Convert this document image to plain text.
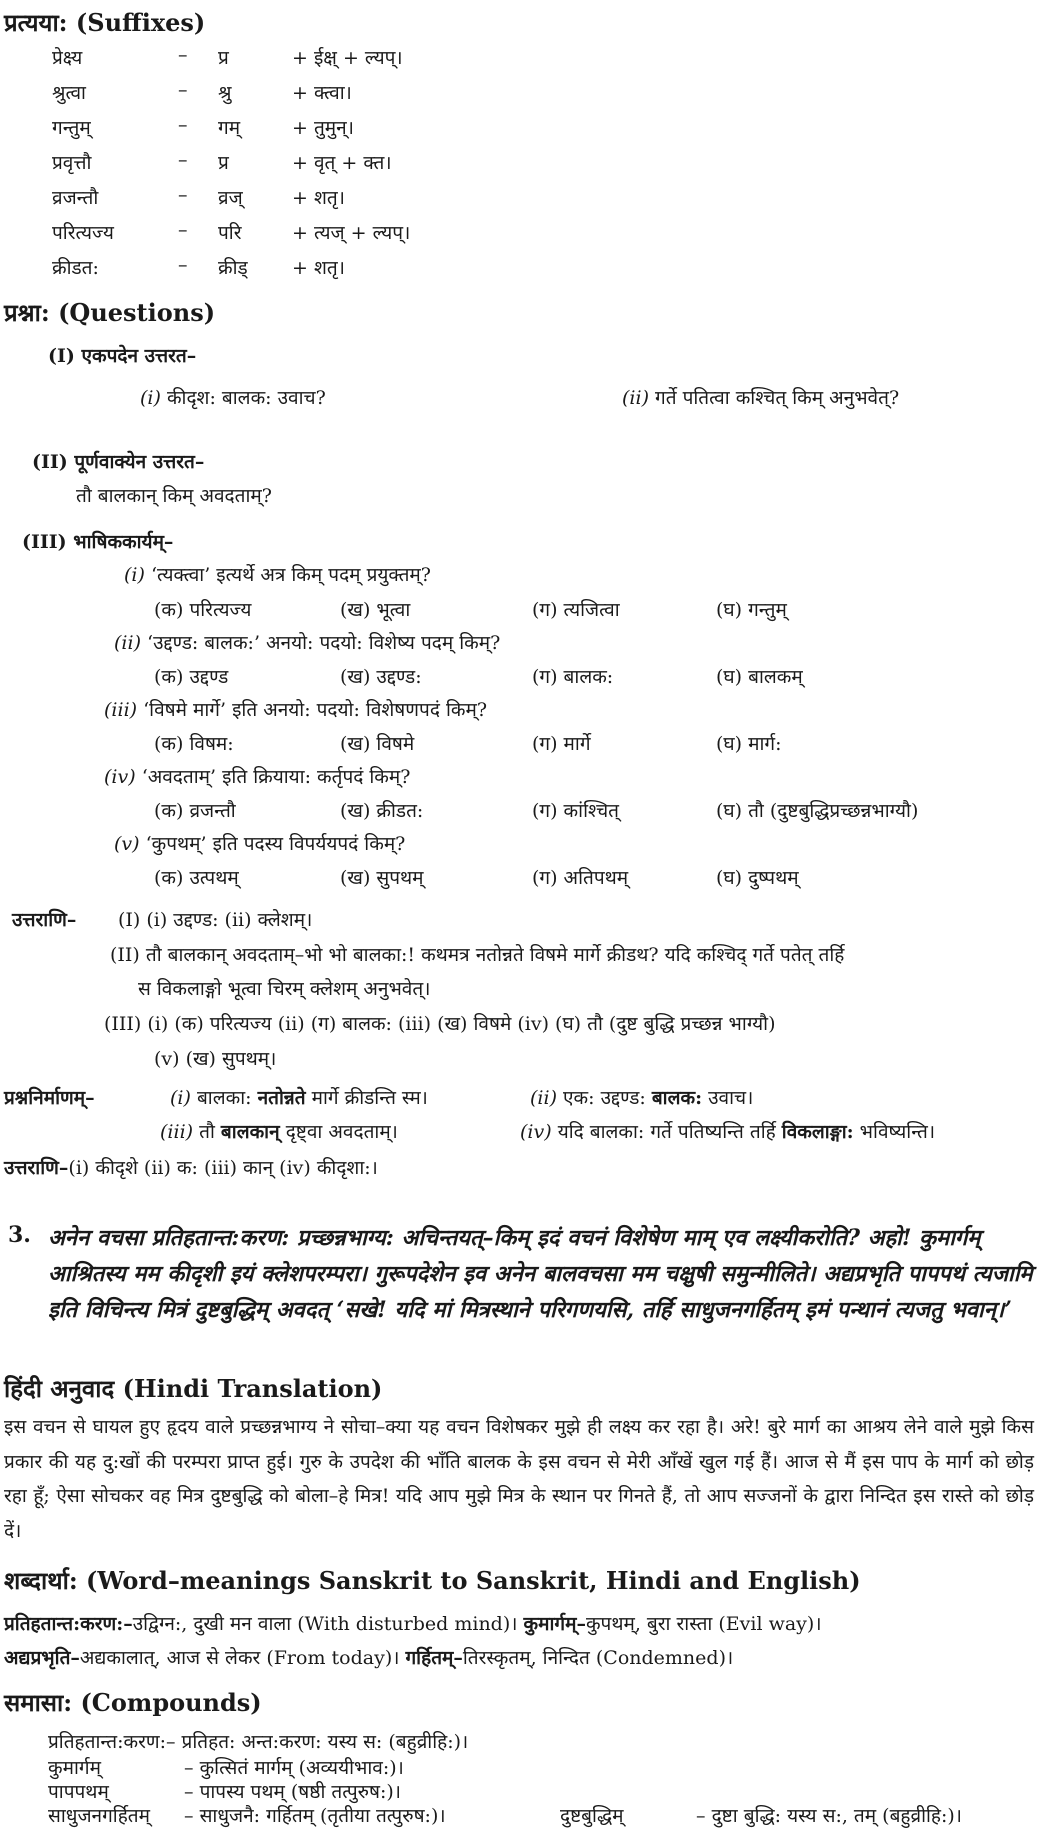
प्रत्यया: (Suffixes)
प्रेक्ष्य	– प्र	+ ईक्ष् + ल्यप्।
श्रुत्वा	– श्रु	+ क्त्वा।
गन्तुम्	– गम्	+ तुमुन्।
प्रवृत्तौ	– प्र	+ वृत् + क्त।
व्रजन्तौ	– व्रज्	+ शतृ।
परित्यज्य	– परि	+ त्यज् + ल्यप्।
क्रीडत:	– क्रीड् + शतृ।
प्रश्ना: (Questions)
(I) एकपदेन उत्तरत–
(i) कीदृश: बालक: उवाच?	(ii) गर्ते पतित्वा कश्चित् किम् अनुभवेत्?
(II) पूर्णवाक्येन उत्तरत–
तौ बालकान् किम् अवदताम्?
(III) भाषिककार्यम्–
(i) ‘त्यक्त्वा’ इत्यर्थे अत्र किम् पदम् प्रयुक्तम्?
(क) परित्यज्य	(ख) भूत्वा	(ग) त्यजित्वा	(घ) गन्तुम्
(ii) ‘उद्दण्ड: बालक:’ अनयो: पदयो: विशेष्य पदम् किम्?
(क) उद्दण्ड	(ख) उद्दण्ड:	(ग) बालक:	(घ) बालकम्
(iii) ‘विषमे मार्गे’ इति अनयो: पदयो: विशेषणपदं किम्?
(क) विषम:	(ख) विषमे	(ग) मार्गे	(घ) मार्ग:
(iv) ‘अवदताम्’ इति क्रियाया: कर्तृपदं किम्?
(क) व्रजन्तौ	(ख) क्रीडत:	(ग) कांश्चित्	(घ) तौ (दुष्टबुद्धिप्रच्छन्नभाग्यौ)
(v) ‘कुपथम्’ इति पदस्य विपर्ययपदं किम्?
(क) उत्पथम्	(ख) सुपथम्	(ग) अतिपथम्	(घ) दुष्पथम्
उत्तराणि– (I) (i) उद्दण्ड: (ii) क्लेशम्।
(II) तौ बालकान् अवदताम्–भो भो बालका:! कथमत्र नतोन्नते विषमे मार्गे क्रीडथ? यदि कश्चिद् गर्ते पतेत् तर्हि
स विकलाङ्गो भूत्वा चिरम् क्लेशम् अनुभवेत्।
(III) (i) (क) परित्यज्य (ii) (ग) बालक: (iii) (ख) विषमे (iv) (घ) तौ (दुष्ट बुद्धि प्रच्छन्न भाग्यौ)
(v) (ख) सुपथम्।
प्रश्ननिर्माणम्–	(i) बालका: नतोन्नते मार्गे क्रीडन्ति स्म।	(ii) एक: उद्दण्ड: बालक: उवाच।
(iii) तौ बालकान् दृष्ट्वा अवदताम्।	(iv) यदि बालका: गर्ते पतिष्यन्ति तर्हि विकलाङ्गा: भविष्यन्ति।
उत्तराणि–(i) कीदृशे (ii) क: (iii) कान् (iv) कीदृशा:।
3. अनेन वचसा प्रतिहतान्त:करण: प्रच्छन्नभाग्य: अचिन्तयत्–किम् इदं वचनं विशेषेण माम् एव लक्ष्यीकरोति? अहो! कुमार्गम् आश्रितस्य मम कीदृशी इयं क्लेशपरम्परा। गुरूपदेशेन इव अनेन बालवचसा मम चक्षुषी समुन्मीलिते। अद्यप्रभृति पापपथं त्यजामि इति विचिन्त्य मित्रं दुष्टबुद्धिम् अवदत् ‘सखे! यदि मां मित्रस्थाने परिगणयसि, तर्हि साधुजनगर्हितम् इमं पन्थानं त्यजतु भवान्।’
हिंदी अनुवाद (Hindi Translation)
इस वचन से घायल हुए हृदय वाले प्रच्छन्नभाग्य ने सोचा–क्या यह वचन विशेषकर मुझे ही लक्ष्य कर रहा है। अरे! बुरे मार्ग का आश्रय लेने वाले मुझे किस प्रकार की यह दु:खों की परम्परा प्राप्त हुई। गुरु के उपदेश की भाँति बालक के इस वचन से मेरी आँखें खुल गई हैं। आज से मैं इस पाप के मार्ग को छोड़ रहा हूँ; ऐसा सोचकर वह मित्र दुष्टबुद्धि को बोला–हे मित्र! यदि आप मुझे मित्र के स्थान पर गिनते हैं, तो आप सज्जनों के द्वारा निन्दित इस रास्ते को छोड़ दें।
शब्दार्था: (Word–meanings Sanskrit to Sanskrit, Hindi and English)
प्रतिहतान्त:करण:–उद्विग्न:, दुखी मन वाला (With disturbed mind)। कुमार्गम्–कुपथम्, बुरा रास्ता (Evil way)।
अद्यप्रभृति–अद्यकालात्, आज से लेकर (From today)। गर्हितम्–तिरस्कृतम्, निन्दित (Condemned)।
समासा: (Compounds)
प्रतिहतान्त:करण:– प्रतिहत: अन्त:करण: यस्य स: (बहुव्रीहि:)।
कुमार्गम्	– कुत्सितं मार्गम् (अव्ययीभाव:)।
पापपथम्	– पापस्य पथम् (षष्ठी तत्पुरुष:)।
साधुजनगर्हितम् – साधुजनै: गर्हितम् (तृतीया तत्पुरुष:)।	दुष्टबुद्धिम्	– दुष्टा बुद्धि: यस्य स:, तम् (बहुव्रीहि:)।
